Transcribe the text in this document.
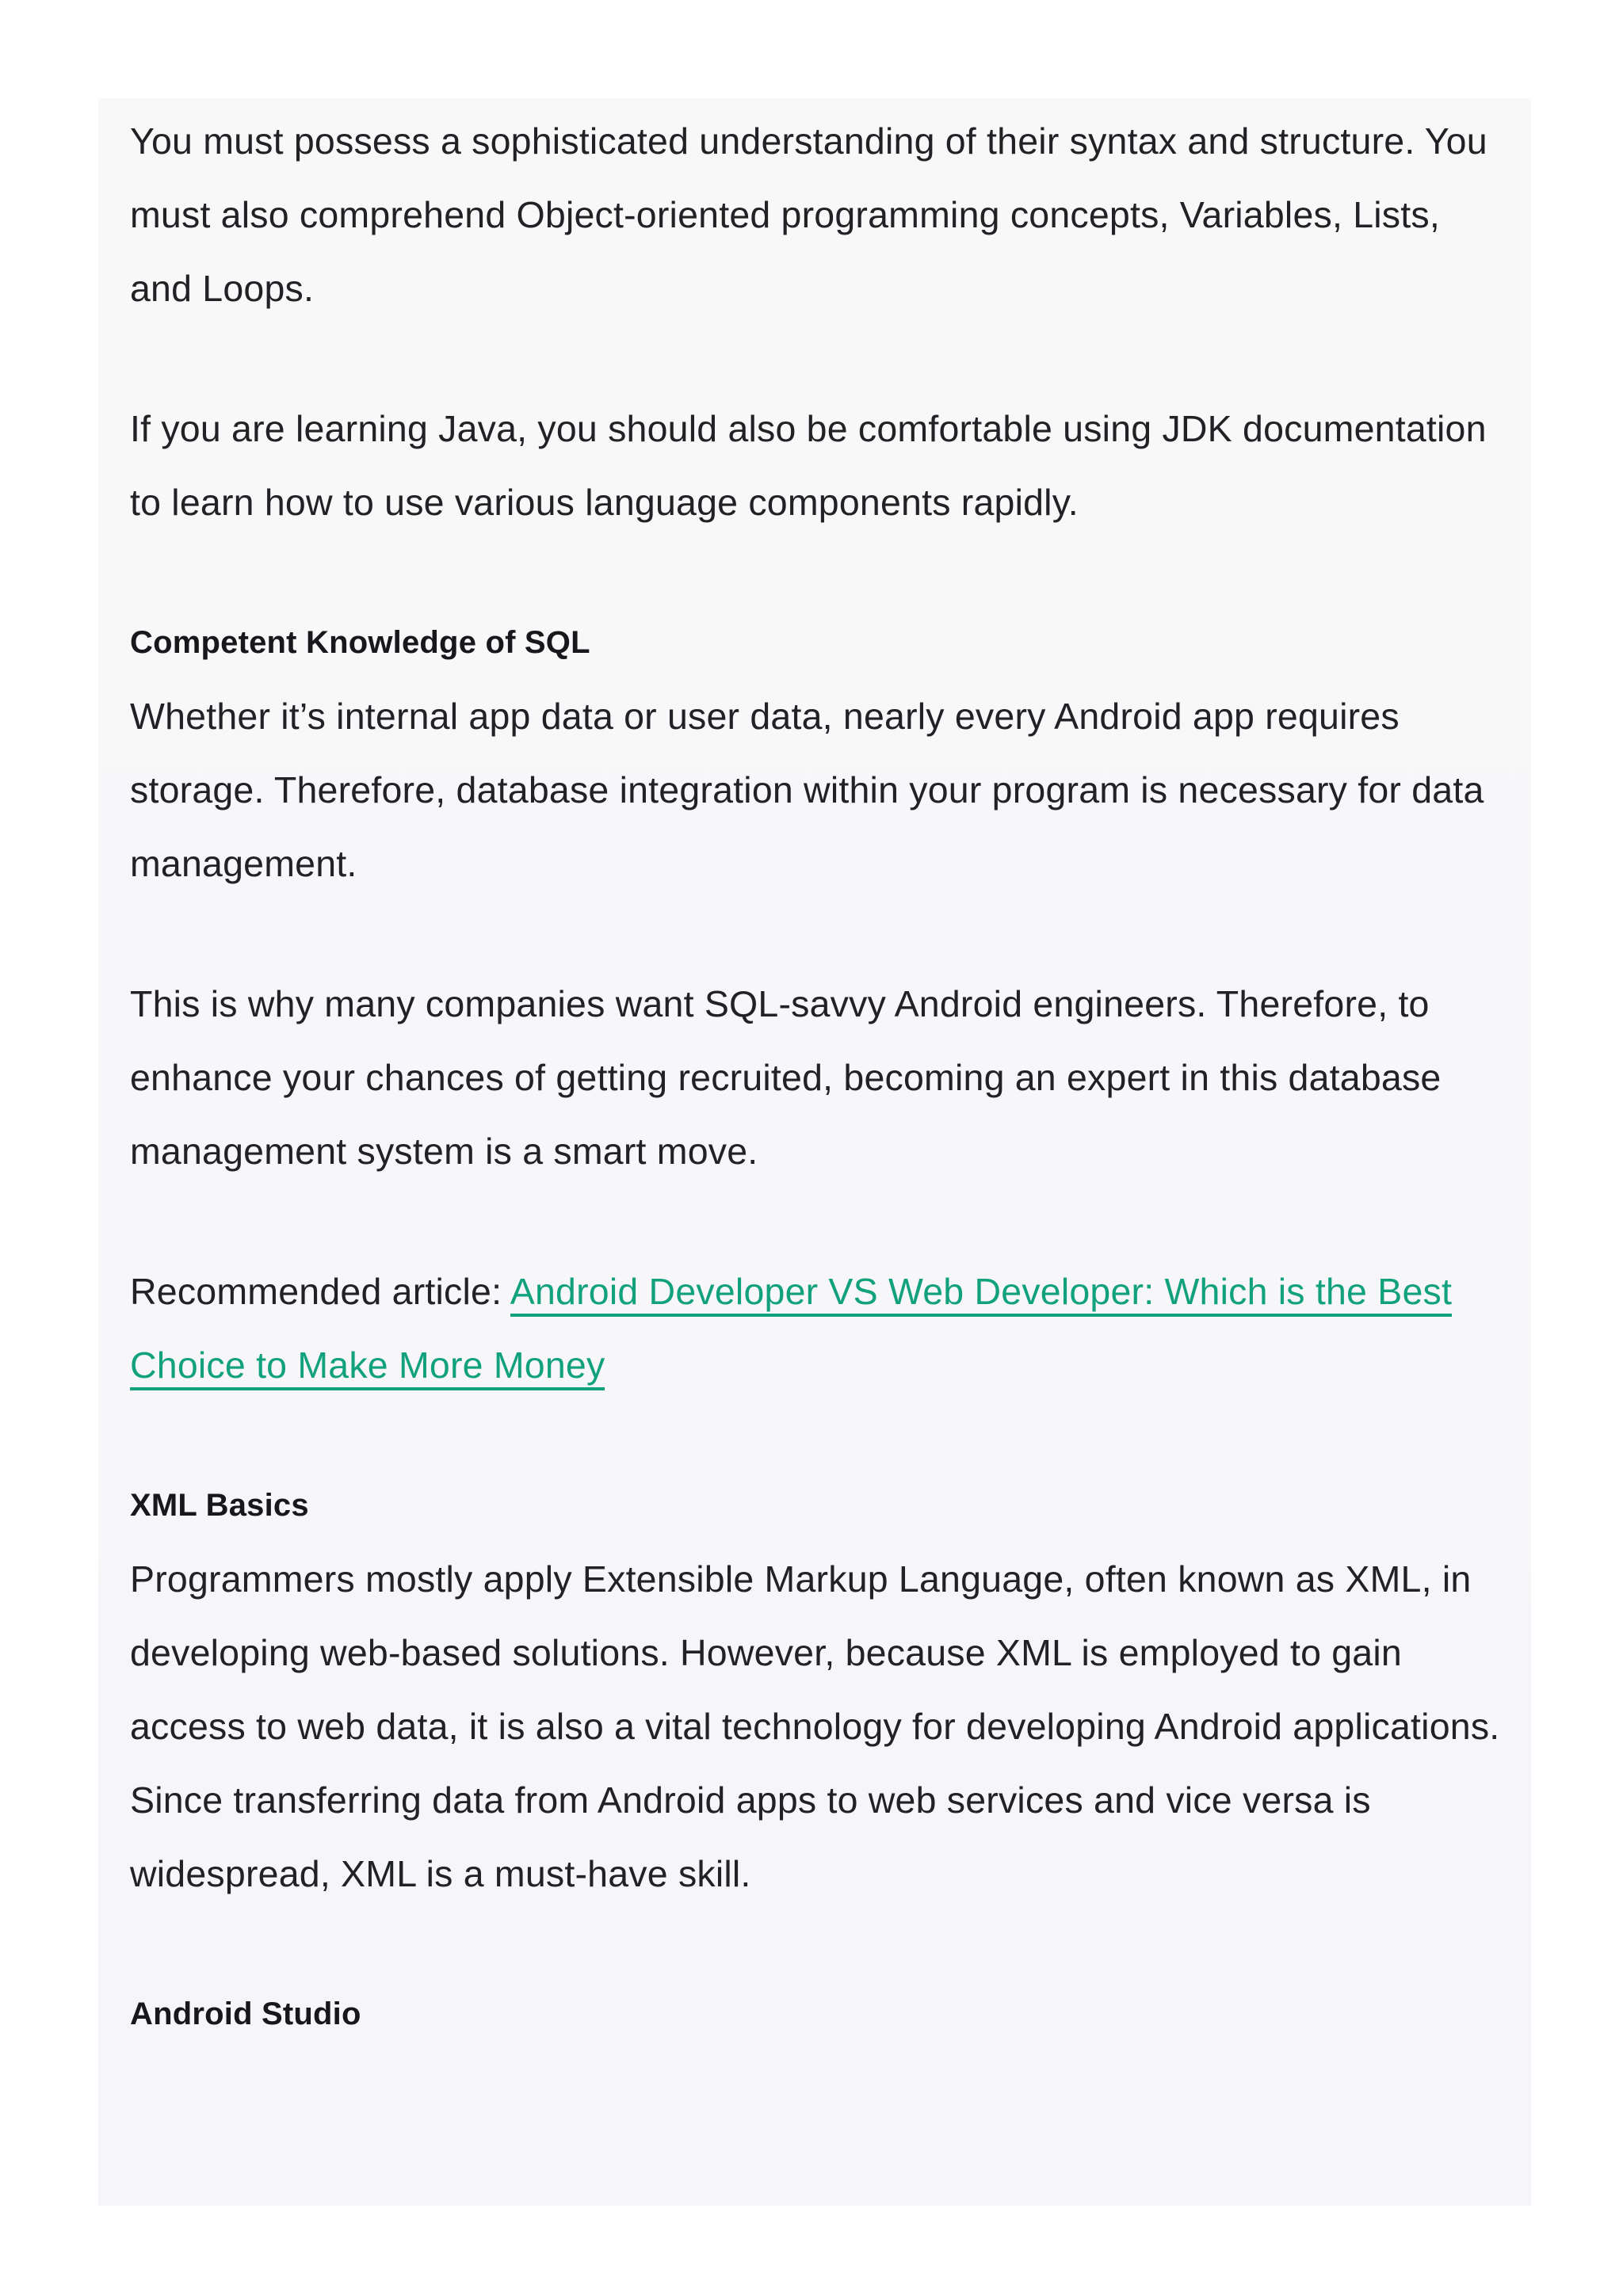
You must possess a sophisticated understanding of their syntax and structure. You must also comprehend Object-oriented programming concepts, Variables, Lists, and Loops.

If you are learning Java, you should also be comfortable using JDK documentation to learn how to use various language components rapidly.

Competent Knowledge of SQL

Whether it’s internal app data or user data, nearly every Android app requires storage. Therefore, database integration within your program is necessary for data management.

This is why many companies want SQL-savvy Android engineers. Therefore, to enhance your chances of getting recruited, becoming an expert in this database management system is a smart move.

Recommended article: Android Developer VS Web Developer: Which is the Best Choice to Make More Money

XML Basics

Programmers mostly apply Extensible Markup Language, often known as XML, in developing web-based solutions. However, because XML is employed to gain access to web data, it is also a vital technology for developing Android applications. Since transferring data from Android apps to web services and vice versa is widespread, XML is a must-have skill.

Android Studio
